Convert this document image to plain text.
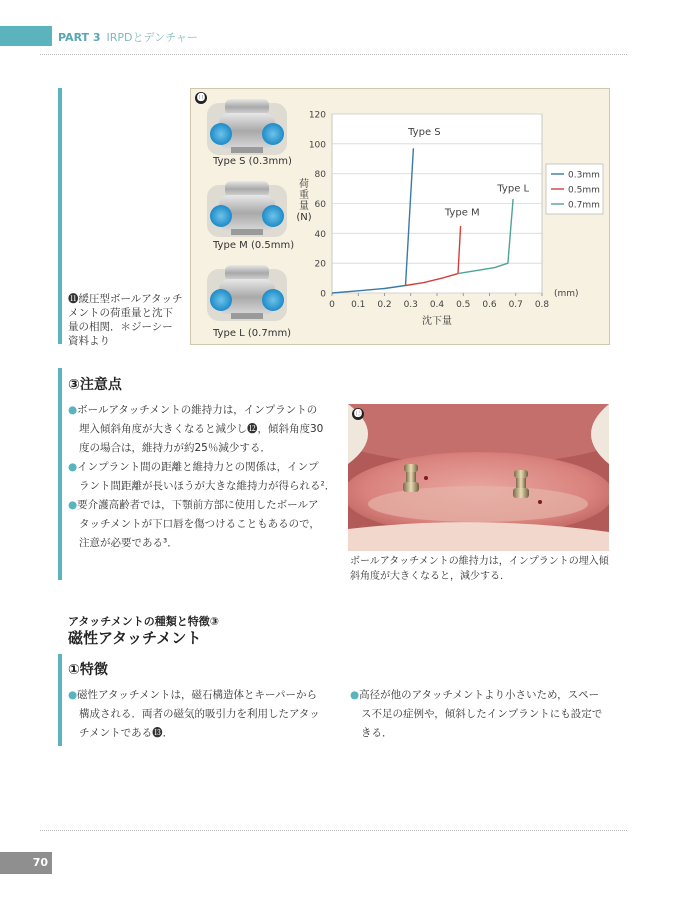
PART 3 IRPDとデンチャー
⓫緩圧型ボールアタッチメントの荷重量と沈下量の相関．＊ジーシー資料より
⓫
Type S (0.3mm)
Type M (0.5mm)
Type L (0.7mm)
0
20
40
60
80
100
120
0 0.1 0.2 0.3 0.4 0.5 0.6 0.7 0.8
(mm)
沈下量
荷重量(N)
Type S
Type M
Type L
0.3mm
0.5mm
0.7mm
③注意点
●ボールアタッチメントの維持力は，インプラントの
埋入傾斜角度が大きくなると減少し⓬，傾斜角度30
度の場合は，維持力が約25％減少する．
●インプラント間の距離と維持力との関係は，インプ
ラント間距離が長いほうが大きな維持力が得られる²．
●要介護高齢者では，下顎前方部に使用したボールア
タッチメントが下口唇を傷つけることもあるので，
注意が必要である³．
⓬
ボールアタッチメントの維持力は，インプラントの埋入傾
斜角度が大きくなると，減少する．
アタッチメントの種類と特徴③
磁性アタッチメント
①特徴
●磁性アタッチメントは，磁石構造体とキーパーから
構成される．両者の磁気的吸引力を利用したアタッ
チメントである⓭．
●高径が他のアタッチメントより小さいため，スペー
ス不足の症例や，傾斜したインプラントにも設定で
きる．
70
